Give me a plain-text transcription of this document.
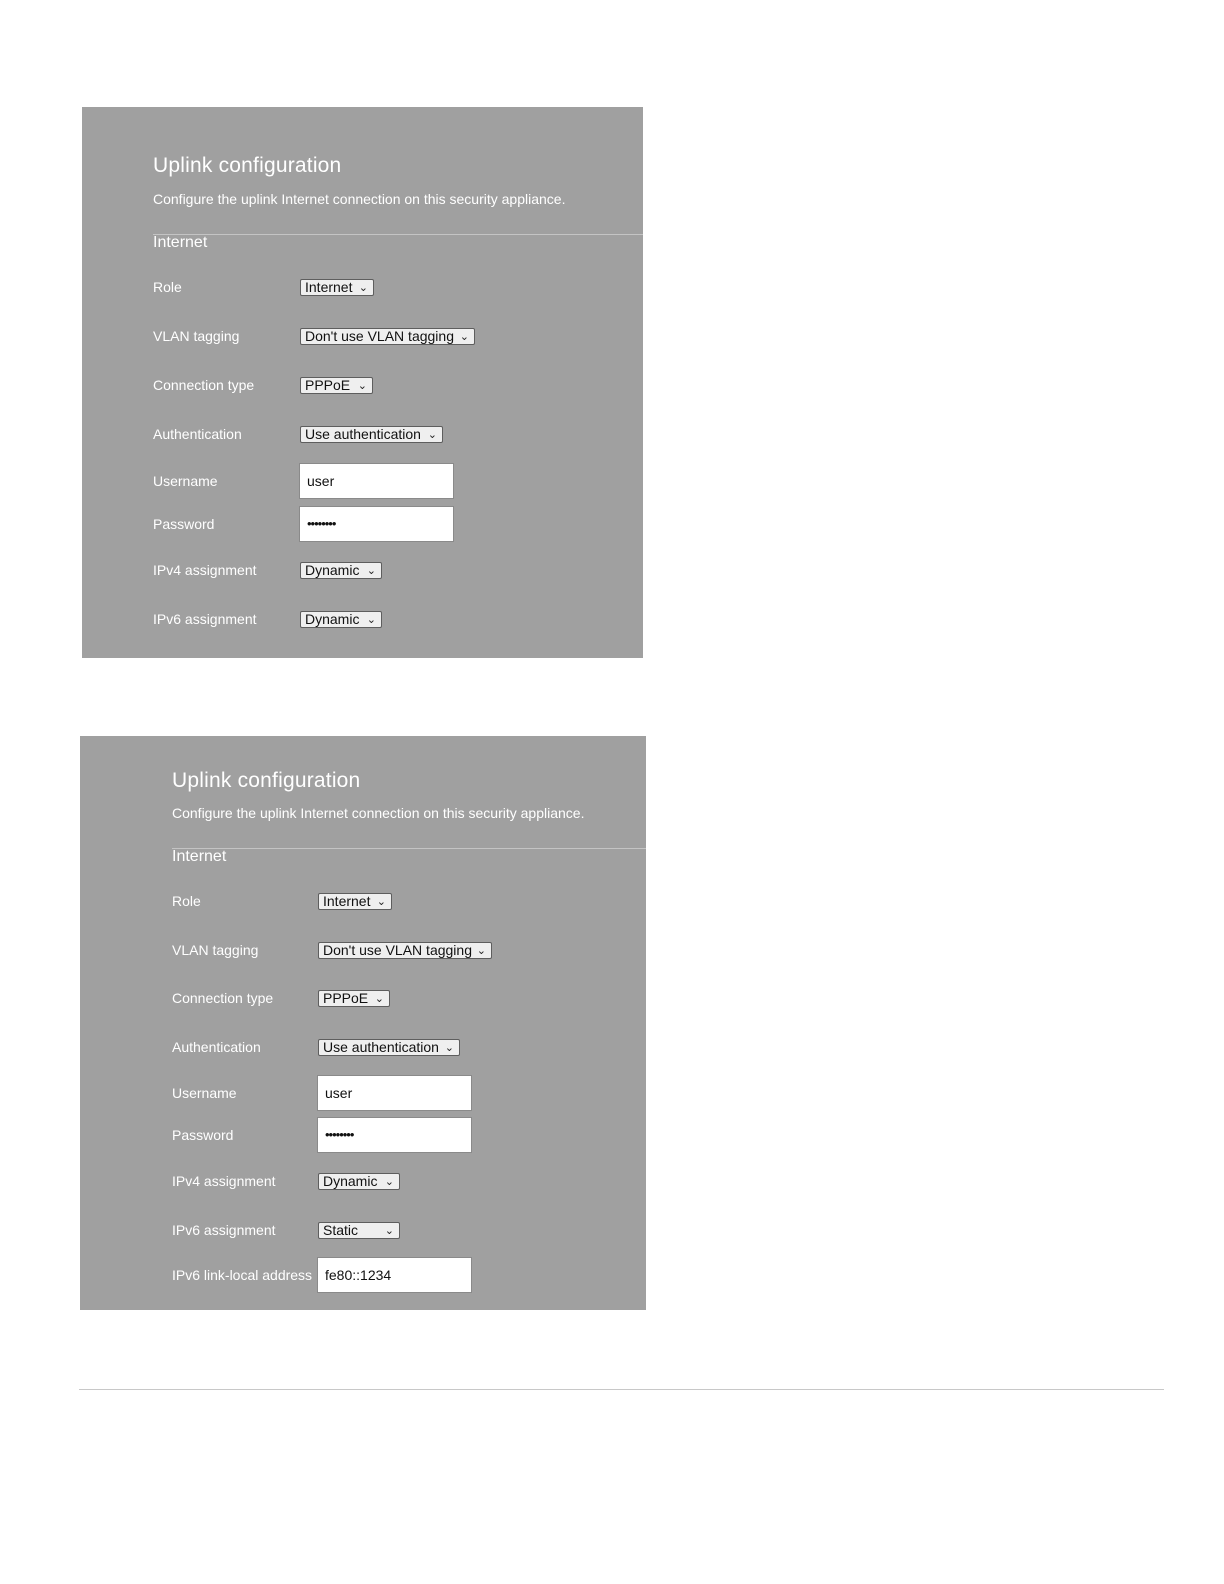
Uplink configuration
Configure the uplink Internet connection on this security appliance.
Internet
Role	Internet ⌄
VLAN tagging	Don't use VLAN tagging ⌄
Connection type	PPPoE ⌄
Authentication	Use authentication ⌄
Username	user
Password	••••••••
IPv4 assignment	Dynamic ⌄
IPv6 assignment	Dynamic ⌄
Uplink configuration
Configure the uplink Internet connection on this security appliance.
Internet
Role	Internet ⌄
VLAN tagging	Don't use VLAN tagging ⌄
Connection type	PPPoE ⌄
Authentication	Use authentication ⌄
Username	user
Password	••••••••
IPv4 assignment	Dynamic ⌄
IPv6 assignment	Static ⌄
IPv6 link-local address fe80::1234
